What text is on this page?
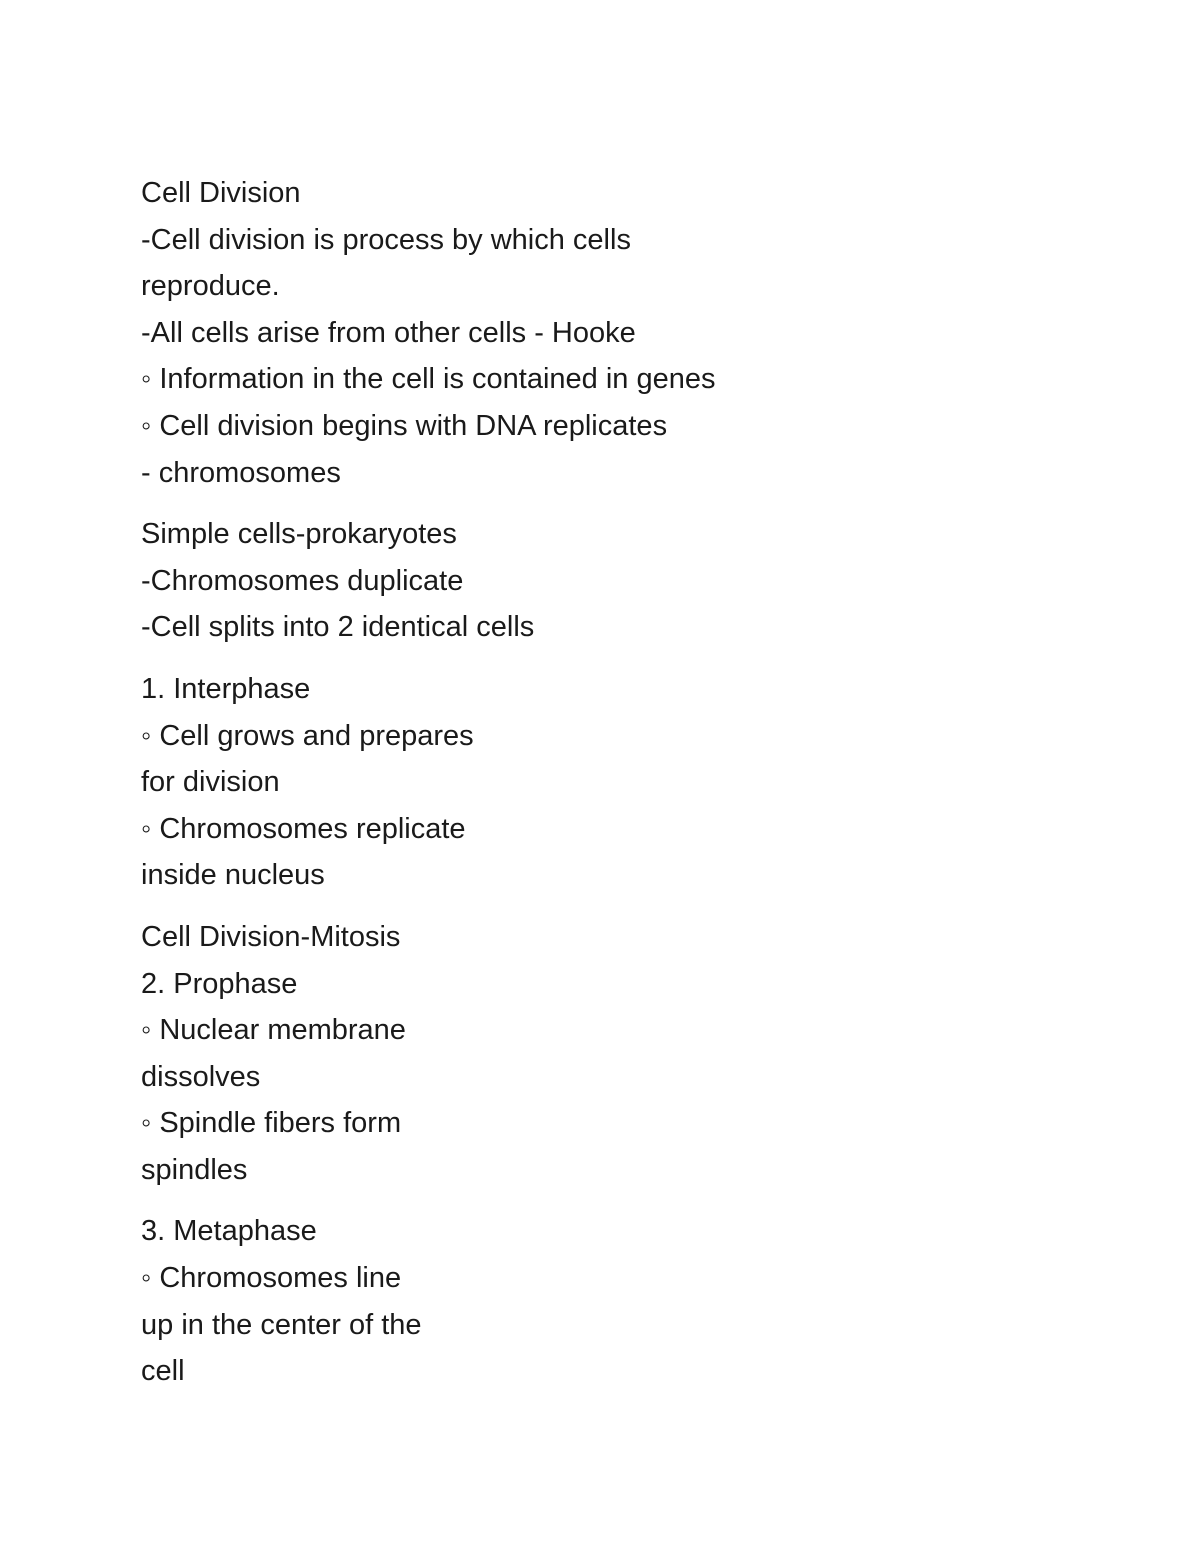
Cell Division
-Cell division is process by which cells
reproduce.
-All cells arise from other cells - Hooke
◦ Information in the cell is contained in genes
◦ Cell division begins with DNA replicates
- chromosomes
Simple cells-prokaryotes
-Chromosomes duplicate
-Cell splits into 2 identical cells
1. Interphase
◦ Cell grows and prepares
for division
◦ Chromosomes replicate
inside nucleus
Cell Division-Mitosis
2. Prophase
◦ Nuclear membrane
dissolves
◦ Spindle fibers form
spindles
3. Metaphase
◦ Chromosomes line
up in the center of the
cell
